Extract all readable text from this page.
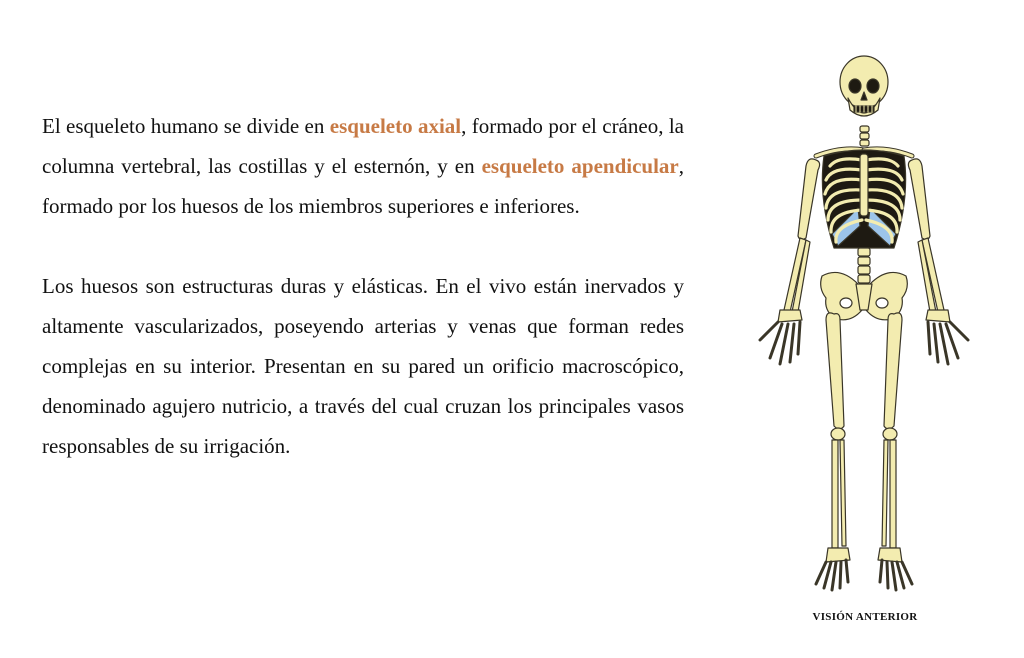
El esqueleto humano se divide en esqueleto axial, formado por el cráneo, la columna vertebral, las costillas y el esternón, y en esqueleto apendicular, formado por los huesos de los miembros superiores e inferiores.

Los huesos son estructuras duras y elásticas. En el vivo están inervados y altamente vascularizados, poseyendo arterias y venas que forman redes complejas en su interior. Presentan en su pared un orificio macroscópico, denominado agujero nutricio, a través del cual cruzan los principales vasos responsables de su irrigación.

VISIÓN ANTERIOR
